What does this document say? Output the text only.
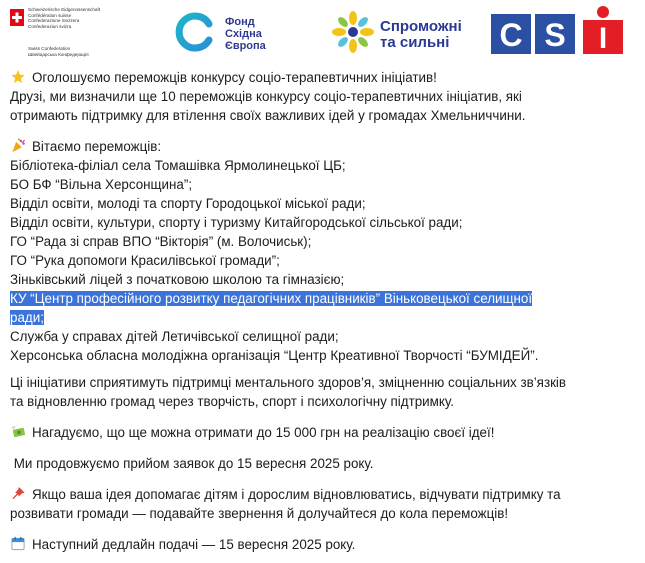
Schweizerische Eidgenossenschaft
Confédération suisse
Confederazione Svizzera
Confederaziun svizra
Swiss Confederation
Швейцарська Конфедерація
Фонд
Східна
Європа
Спроможні
та сильні	C S I
CSI

Оголошуємо переможців конкурсу соціо-терапевтичних ініціатив!

Друзі, ми визначили ще 10 переможців конкурсу соціо-терапевтичних ініціатив, які

отримають підтримку для втілення своїх важливих ідей у громадах Хмельниччини.

Вітаємо переможців:

Бібліотека-філіал села Томашівка Ярмолинецької ЦБ;

БО БФ “Вільна Херсонщина”;

Відділ освіти, молоді та спорту Городоцької міської ради;

Відділ освіти, культури, спорту і туризму Китайгородської сільської ради;

ГО “Рада зі справ ВПО “Вікторія” (м. Волочиськ);

ГО “Рука допомоги Красилівської громади”;

Зіньківський ліцей з початковою школою та гімназією;

КУ “Центр професійного розвитку педагогічних працівників” Віньковецької селищної

ради;

Служба у справах дітей Летичівської селищної ради;

Херсонська обласна молодіжна організація “Центр Креативної Творчості “БУМІДЕЙ”.

Ці ініціативи сприятимуть підтримці ментального здоров’я, зміцненню соціальних зв’язків

та відновленню громад через творчість, спорт і психологічну підтримку.

Нагадуємо, що ще можна отримати до 15 000 грн на реалізацію своєї ідеї!

Ми продовжуємо прийом заявок до 15 вересня 2025 року.

Якщо ваша ідея допомагає дітям і дорослим відновлюватись, відчувати підтримку та

розвивати громади — подавайте звернення й долучайтеся до кола переможців!

Наступний дедлайн подачі — 15 вересня 2025 року.
